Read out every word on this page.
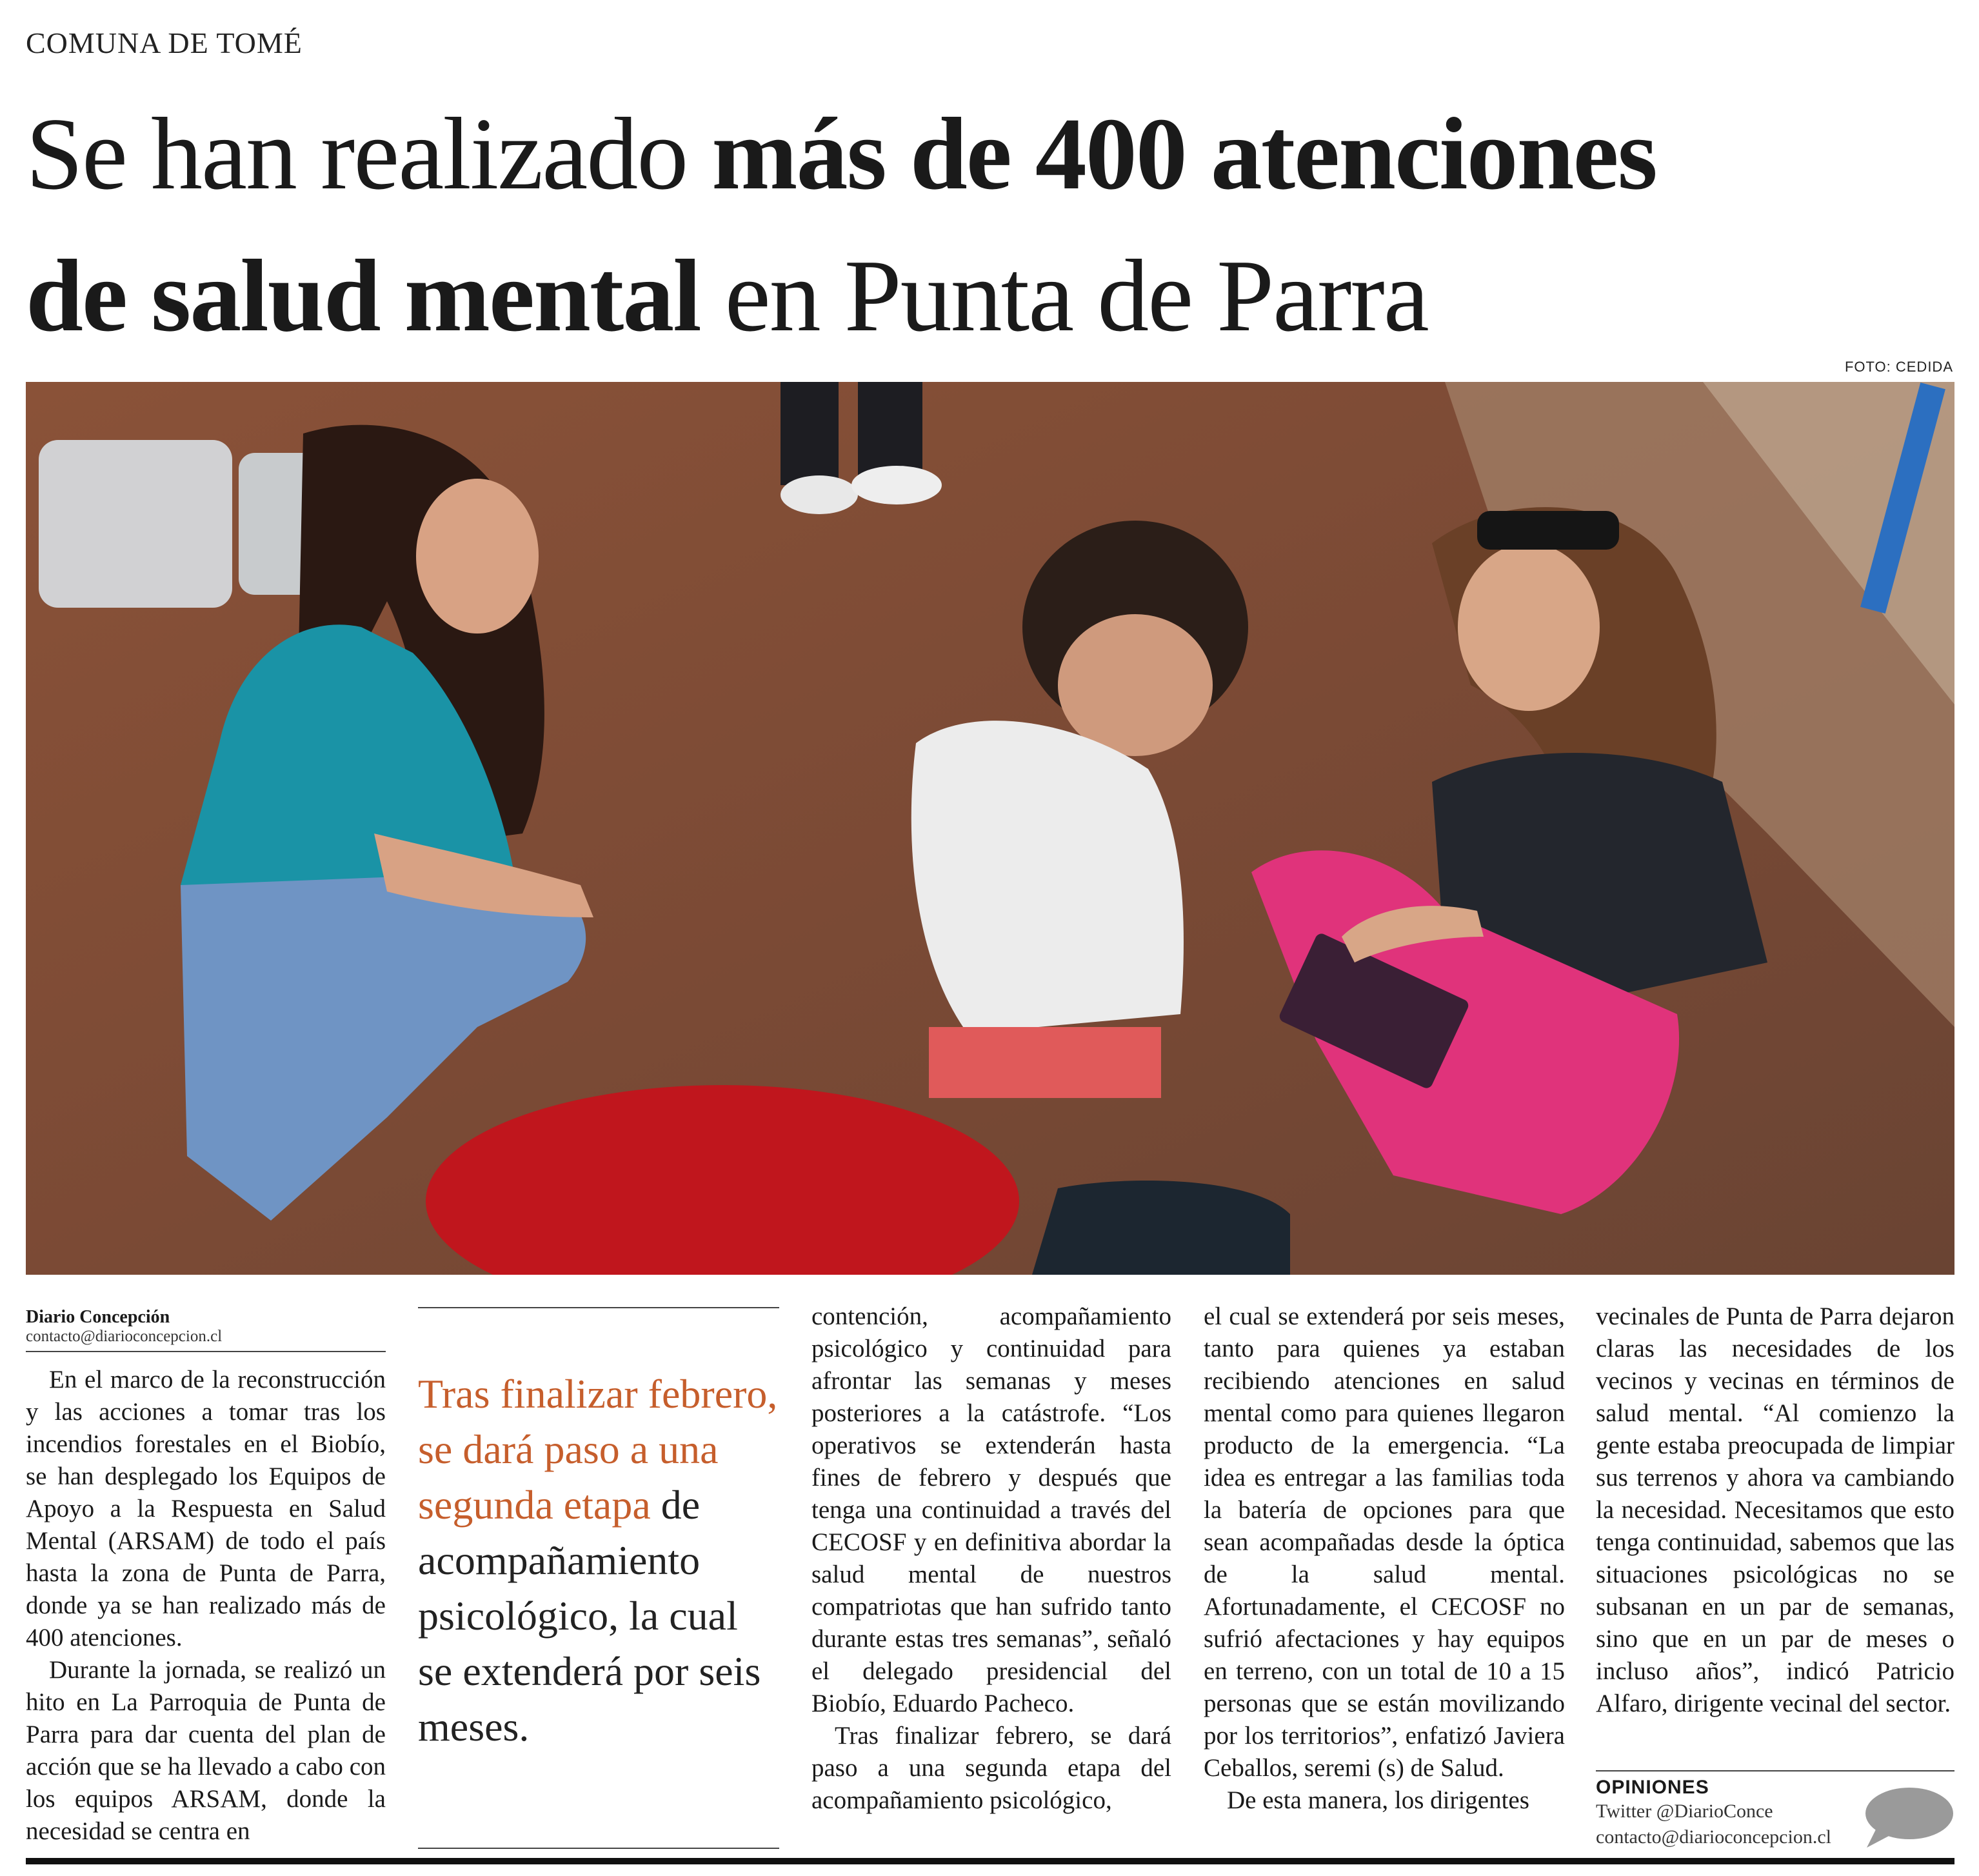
COMUNA DE TOMÉ
Se han realizado más de 400 atenciones
de salud mental en Punta de Parra
FOTO: CEDIDA
Diario Concepción
contacto@diarioconcepcion.cl

En el marco de la reconstrucción y las acciones a tomar tras los incendios forestales en el Biobío, se han desplegado los Equipos de Apoyo a la Respuesta en Salud Mental (ARSAM) de todo el país hasta la zona de Punta de Parra, donde ya se han realizado más de 400 atenciones.

Durante la jornada, se realizó un hito en La Parroquia de Punta de Parra para dar cuenta del plan de acción que se ha llevado a cabo con los equipos ARSAM, donde la necesidad se centra en

Tras finalizar febrero, se dará paso a una segunda etapa de acompañamiento psicológico, la cual se extenderá por seis meses.

contención, acompañamiento psicológico y continuidad para afrontar las semanas y meses posteriores a la catástrofe. “Los operativos se extenderán hasta fines de febrero y después que tenga una continuidad a través del CECOSF y en definitiva abordar la salud mental de nuestros compatriotas que han sufrido tanto durante estas tres semanas”, señaló el delegado presidencial del Biobío, Eduardo Pacheco.

Tras finalizar febrero, se dará paso a una segunda etapa del acompañamiento psicológico,

el cual se extenderá por seis meses, tanto para quienes ya estaban recibiendo atenciones en salud mental como para quienes llegaron producto de la emergencia. “La idea es entregar a las familias toda la batería de opciones para que sean acompañadas desde la óptica de la salud mental. Afortunadamente, el CECOSF no sufrió afectaciones y hay equipos en terreno, con un total de 10 a 15 personas que se están movilizando por los territorios”, enfatizó Javiera Ceballos, seremi (s) de Salud.

De esta manera, los dirigentes

vecinales de Punta de Parra dejaron claras las necesidades de los vecinos y vecinas en términos de salud mental. “Al comienzo la gente estaba preocupada de limpiar sus terrenos y ahora va cambiando la necesidad. Necesitamos que esto tenga continuidad, sabemos que las situaciones psicológicas no se subsanan en un par de semanas, sino que en un par de meses o incluso años”, indicó Patricio Alfaro, dirigente vecinal del sector.

OPINIONES
Twitter @DiarioConce
contacto@diarioconcepcion.cl
